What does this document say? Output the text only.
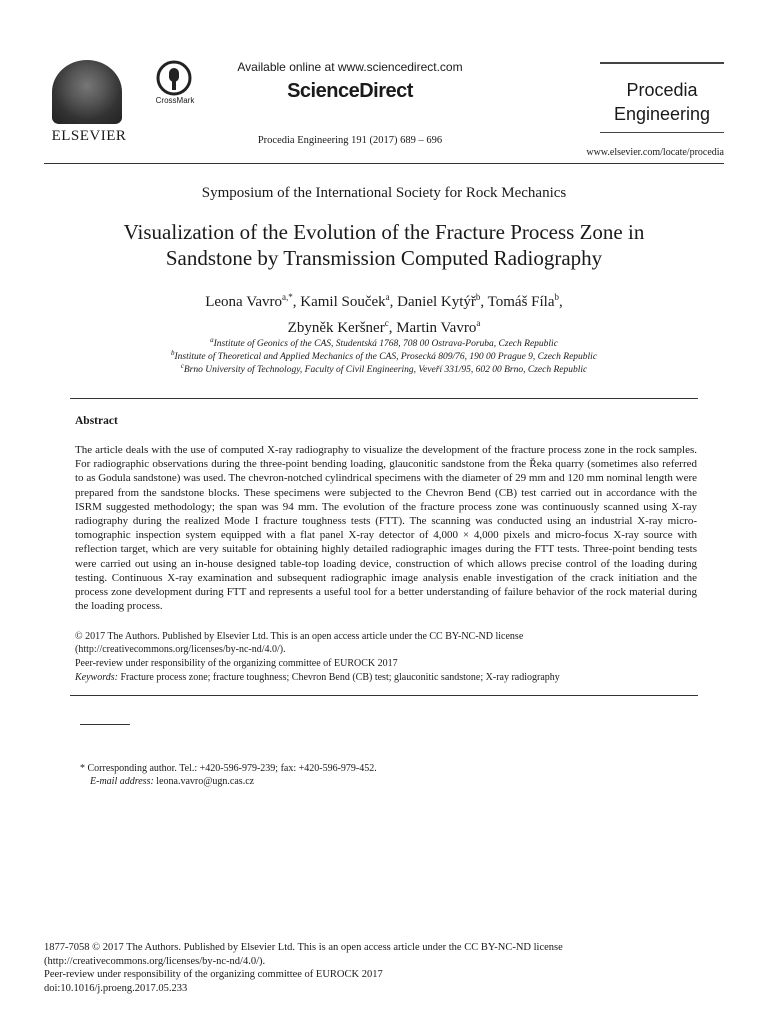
ELSEVIER
CrossMark
Available online at www.sciencedirect.com
ScienceDirect
Procedia Engineering 191 (2017) 689 – 696
Procedia
Engineering
www.elsevier.com/locate/procedia
Symposium of the International Society for Rock Mechanics
Visualization of the Evolution of the Fracture Process Zone in
Sandstone by Transmission Computed Radiography
Leona Vavro$^{a,*}$, Kamil Souček$^a$, Daniel Kytýř$^b$, Tomáš Fíla$^b$,
Zbyněk Keršner$^c$, Martin Vavro$^a$
$^a$Institute of Geonics of the CAS, Studentská 1768, 708 00 Ostrava-Poruba, Czech Republic
$^b$Institute of Theoretical and Applied Mechanics of the CAS, Prosecká 809/76, 190 00 Prague 9, Czech Republic
$^c$Brno University of Technology, Faculty of Civil Engineering, Veveří 331/95, 602 00 Brno, Czech Republic
Abstract
The article deals with the use of computed X-ray radiography to visualize the development of the fracture process zone in the rock samples. For radiographic observations during the three-point bending loading, glauconitic sandstone from the Řeka quarry (sometimes also referred to as Godula sandstone) was used. The chevron-notched cylindrical specimens with the diameter of 29 mm and 120 mm nominal length were prepared from the sandstone blocks. These specimens were subjected to the Chevron Bend (CB) test carried out in accordance with the ISRM suggested methodology; the span was 94 mm. The evolution of the fracture process zone was continuously scanned using X-ray radiography during the realized Mode I fracture toughness tests (FTT). The scanning was conducted using an industrial X-ray micro-tomographic inspection system equipped with a flat panel X-ray detector of 4,000 × 4,000 pixels and micro-focus X-ray source with reflection target, which are very suitable for obtaining highly detailed radiographic images during the FTT tests. Three-point bending tests were carried out using an in-house designed table-top loading device, construction of which allows precise control of the loading during testing. Continuous X-ray examination and subsequent radiographic image analysis enable investigation of the crack initiation and the process zone development during FTT and represents a useful tool for a better understanding of failure behavior of the rock material during the loading process.
© 2017 The Authors. Published by Elsevier Ltd. This is an open access article under the CC BY-NC-ND license
(http://creativecommons.org/licenses/by-nc-nd/4.0/).
Peer-review under responsibility of the organizing committee of EUROCK 2017
Keywords: Fracture process zone; fracture toughness; Chevron Bend (CB) test; glauconitic sandstone; X-ray radiography
* Corresponding author. Tel.: +420-596-979-239; fax: +420-596-979-452.
E-mail address: leona.vavro@ugn.cas.cz
1877-7058 © 2017 The Authors. Published by Elsevier Ltd. This is an open access article under the CC BY-NC-ND license
(http://creativecommons.org/licenses/by-nc-nd/4.0/).
Peer-review under responsibility of the organizing committee of EUROCK 2017
doi:10.1016/j.proeng.2017.05.233
